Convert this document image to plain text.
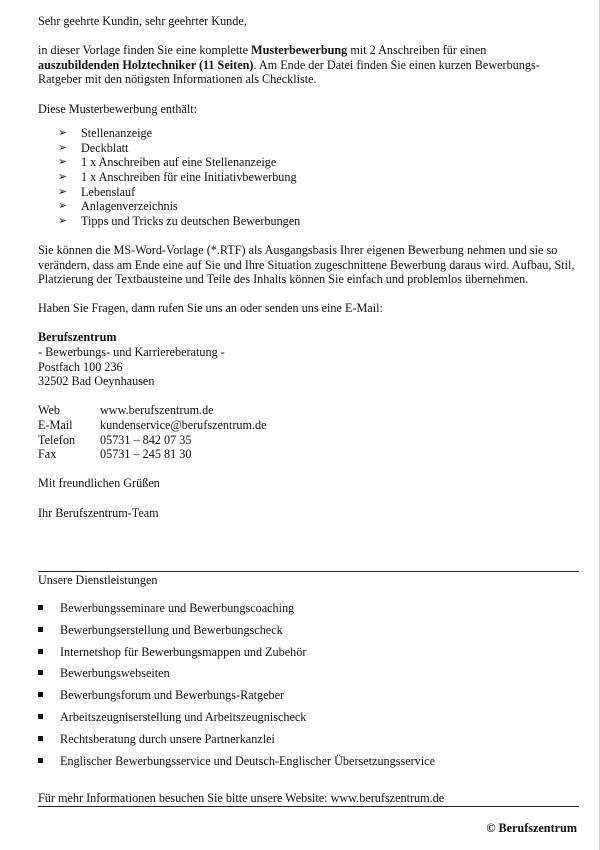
Sehr geehrte Kundin, sehr geehrter Kunde,

in dieser Vorlage finden Sie eine komplette Musterbewerbung mit 2 Anschreiben für einen
auszubildenden Holztechniker (11 Seiten). Am Ende der Datei finden Sie einen kurzen Bewerbungs-Ratgeber mit den nötigsten Informationen als Checkliste.

Diese Musterbewerbung enthält:

➢ Stellenanzeige
➢ Deckblatt
➢ 1 x Anschreiben auf eine Stellenanzeige
➢ 1 x Anschreiben für eine Initiativbewerbung
➢ Lebenslauf
➢ Anlagenverzeichnis
➢ Tipps und Tricks zu deutschen Bewerbungen

Sie können die MS-Word-Vorlage (*.RTF) als Ausgangsbasis Ihrer eigenen Bewerbung nehmen und sie so verändern, dass am Ende eine auf Sie und Ihre Situation zugeschnittene Bewerbung daraus wird. Aufbau, Stil, Platzierung der Textbausteine und Teile des Inhalts können Sie einfach und problemlos übernehmen.

Haben Sie Fragen, dann rufen Sie uns an oder senden uns eine E-Mail:

Berufszentrum

- Bewerbungs- und Karriereberatung -

Postfach 100 236

32502 Bad Oeynhausen

Web	www.berufszentrum.de
E-Mail	kundenservice@berufszentrum.de
Telefon	05731 – 842 07 35
Fax	05731 – 245 81 30

Mit freundlichen Grüßen

Ihr Berufszentrum-Team

Unsere Dienstleistungen

Bewerbungsseminare und Bewerbungscoaching
Bewerbungserstellung und Bewerbungscheck
Internetshop für Bewerbungsmappen und Zubehör
Bewerbungswebseiten
Bewerbungsforum und Bewerbungs-Ratgeber
Arbeitszeugniserstellung und Arbeitszeugnischeck
Rechtsberatung durch unsere Partnerkanzlei
Englischer Bewerbungsservice und Deutsch-Englischer Übersetzungsservice

Für mehr Informationen besuchen Sie bitte unsere Website: www.berufszentrum.de

© Berufszentrum
